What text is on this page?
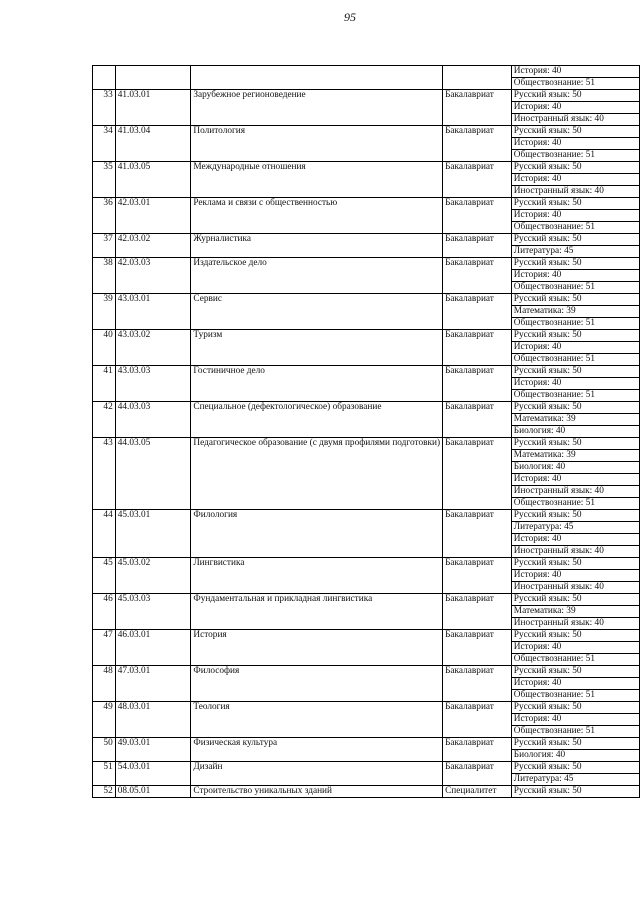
95
				История: 40
				Обществознание: 51
33	41.03.01	Зарубежное регионоведение	Бакалавриат	Русский язык: 50
				История: 40
				Иностранный язык: 40
34	41.03.04	Политология	Бакалавриат	Русский язык: 50
				История: 40
				Обществознание: 51
35	41.03.05	Международные отношения	Бакалавриат	Русский язык: 50
				История: 40
				Иностранный язык: 40
36	42.03.01	Реклама и связи с общественностью	Бакалавриат	Русский язык: 50
				История: 40
				Обществознание: 51
37	42.03.02	Журналистика	Бакалавриат	Русский язык: 50
				Литература: 45
38	42.03.03	Издательское дело	Бакалавриат	Русский язык: 50
				История: 40
				Обществознание: 51
39	43.03.01	Сервис	Бакалавриат	Русский язык: 50
				Математика: 39
				Обществознание: 51
40	43.03.02	Туризм	Бакалавриат	Русский язык: 50
				История: 40
				Обществознание: 51
41	43.03.03	Гостиничное дело	Бакалавриат	Русский язык: 50
				История: 40
				Обществознание: 51
42	44.03.03	Специальное (дефектологическое) образование	Бакалавриат	Русский язык: 50
				Математика: 39
				Биология: 40
43	44.03.05	Педагогическое образование (с двумя профилями подготовки)	Бакалавриат	Русский язык: 50
				Математика: 39
				Биология: 40
				История: 40
				Иностранный язык: 40
				Обществознание: 51
44	45.03.01	Филология	Бакалавриат	Русский язык: 50
				Литература: 45
				История: 40
				Иностранный язык: 40
45	45.03.02	Лингвистика	Бакалавриат	Русский язык: 50
				История: 40
				Иностранный язык: 40
46	45.03.03	Фундаментальная и прикладная лингвистика	Бакалавриат	Русский язык: 50
				Математика: 39
				Иностранный язык: 40
47	46.03.01	История	Бакалавриат	Русский язык: 50
				История: 40
				Обществознание: 51
48	47.03.01	Философия	Бакалавриат	Русский язык: 50
				История: 40
				Обществознание: 51
49	48.03.01	Теология	Бакалавриат	Русский язык: 50
				История: 40
				Обществознание: 51
50	49.03.01	Физическая культура	Бакалавриат	Русский язык: 50
				Биология: 40
51	54.03.01	Дизайн	Бакалавриат	Русский язык: 50
				Литература: 45
52	08.05.01	Строительство уникальных зданий	Специалитет	Русский язык: 50
